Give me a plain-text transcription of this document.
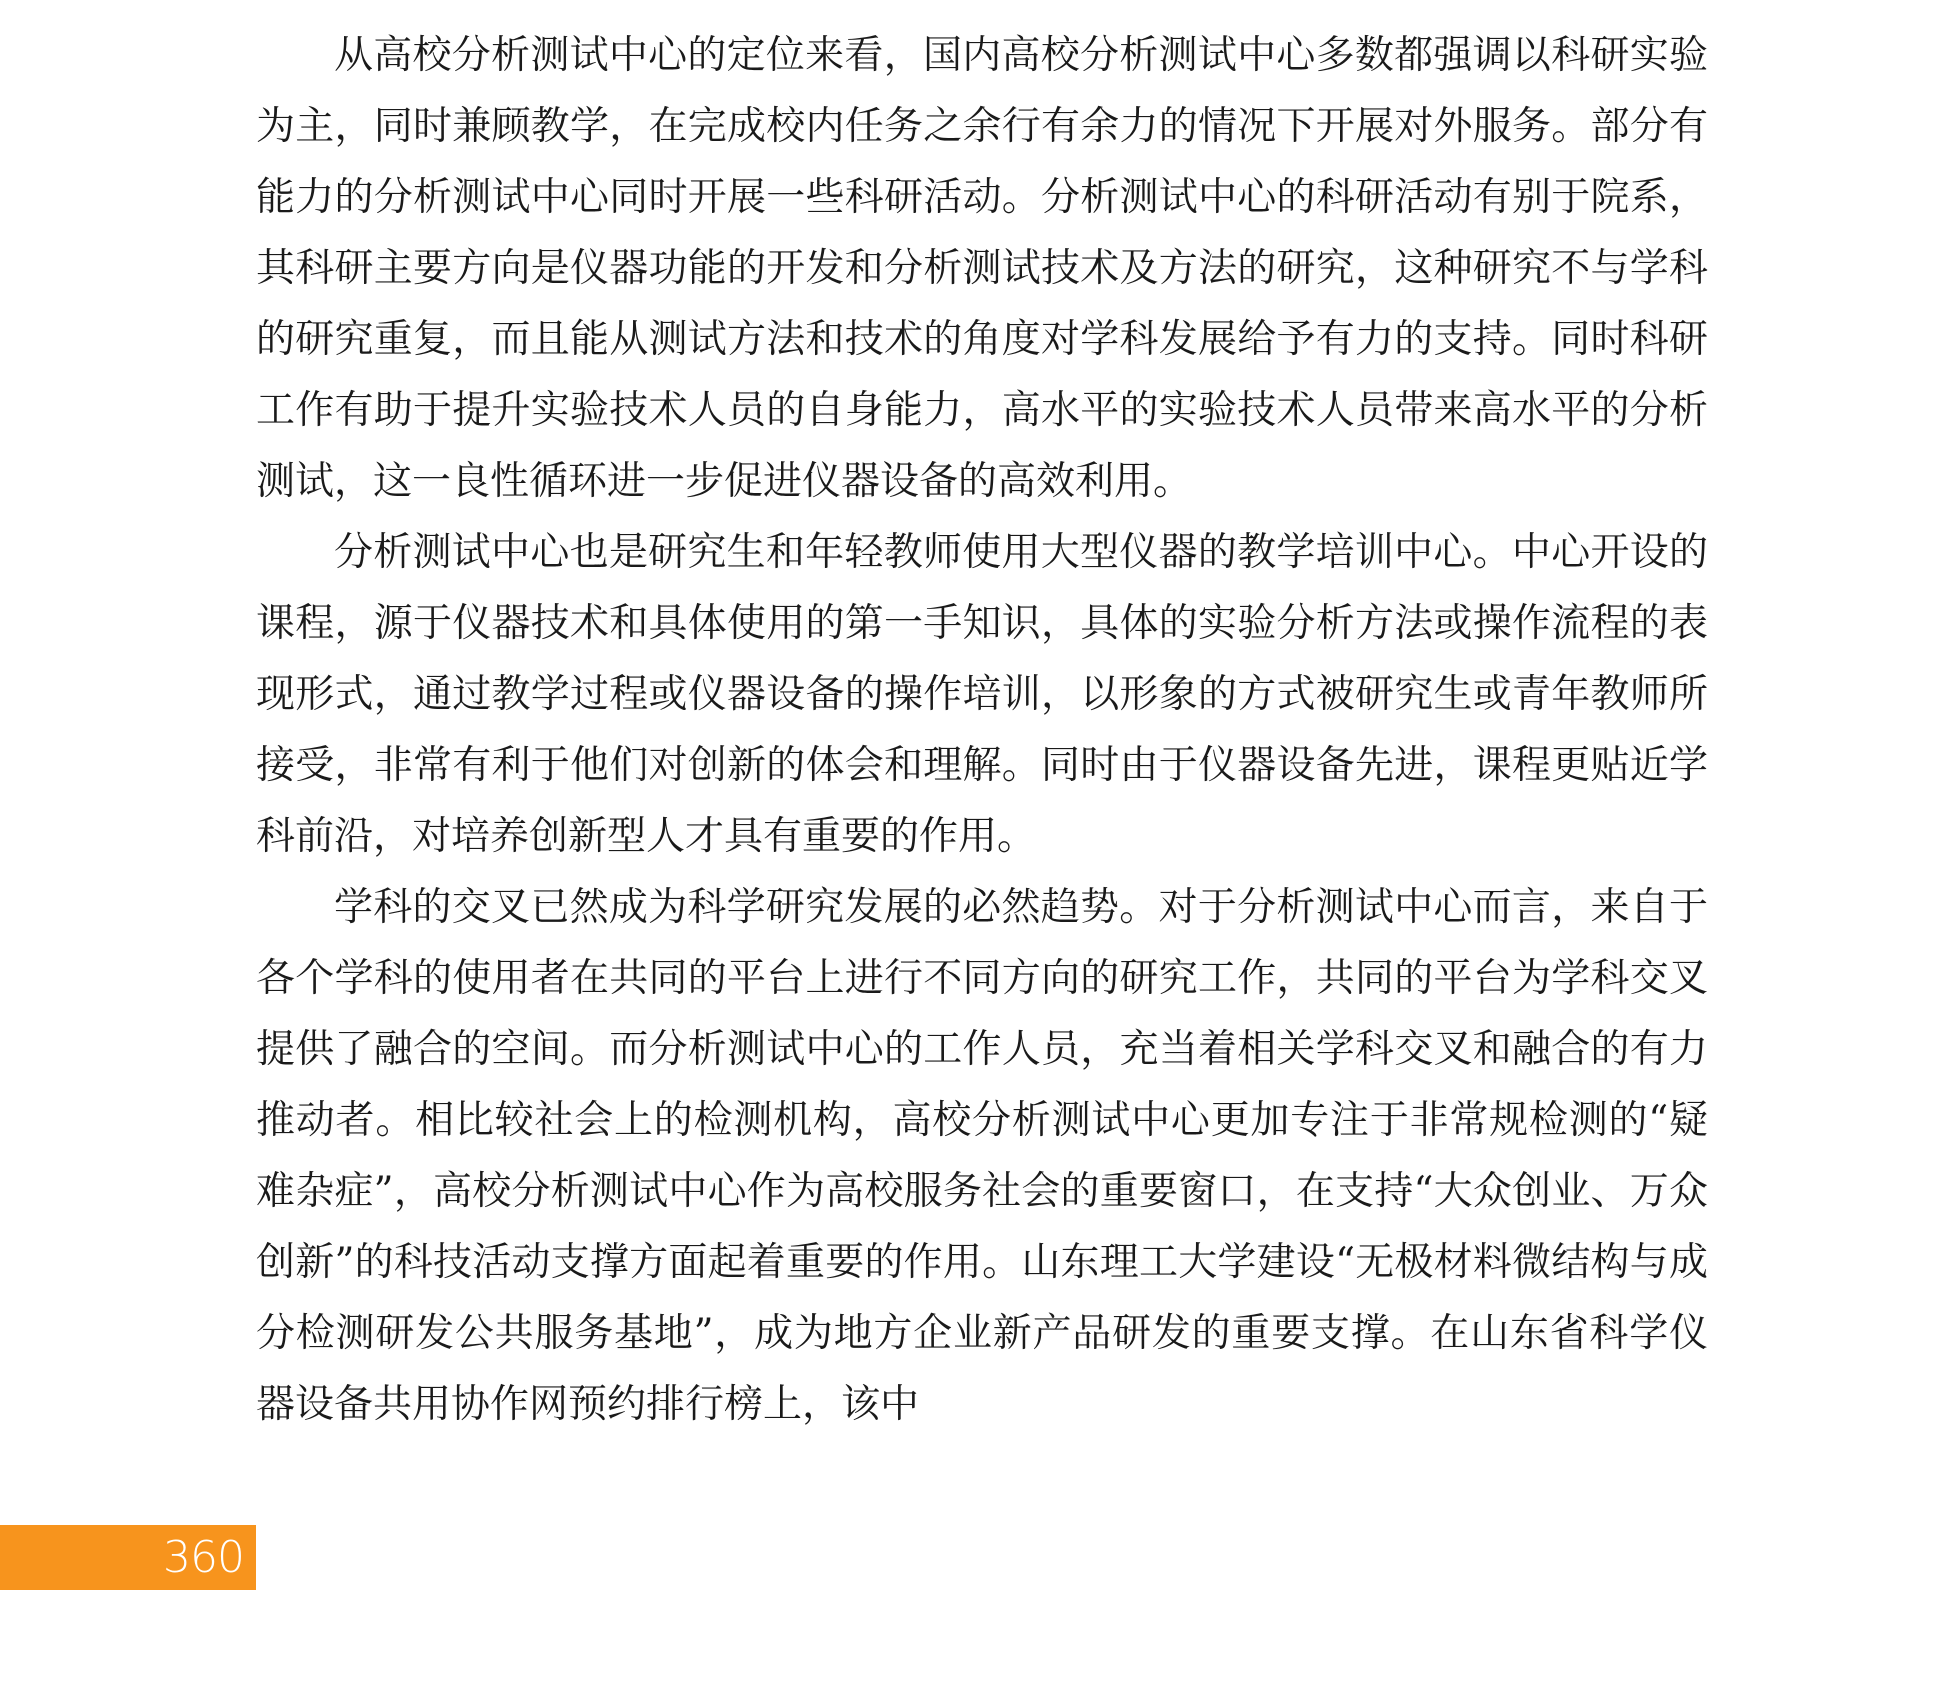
从高校分析测试中心的定位来看，国内高校分析测试中心多数都强调以科研实验为主，同时兼顾教学，在完成校内任务之余行有余力的情况下开展对外服务。部分有能力的分析测试中心同时开展一些科研活动。分析测试中心的科研活动有别于院系，其科研主要方向是仪器功能的开发和分析测试技术及方法的研究，这种研究不与学科的研究重复，而且能从测试方法和技术的角度对学科发展给予有力的支持。同时科研工作有助于提升实验技术人员的自身能力，高水平的实验技术人员带来高水平的分析测试，这一良性循环进一步促进仪器设备的高效利用。

分析测试中心也是研究生和年轻教师使用大型仪器的教学培训中心。中心开设的课程，源于仪器技术和具体使用的第一手知识，具体的实验分析方法或操作流程的表现形式，通过教学过程或仪器设备的操作培训，以形象的方式被研究生或青年教师所接受，非常有利于他们对创新的体会和理解。同时由于仪器设备先进，课程更贴近学科前沿，对培养创新型人才具有重要的作用。

学科的交叉已然成为科学研究发展的必然趋势。对于分析测试中心而言，来自于各个学科的使用者在共同的平台上进行不同方向的研究工作，共同的平台为学科交叉提供了融合的空间。而分析测试中心的工作人员，充当着相关学科交叉和融合的有力推动者。相比较社会上的检测机构，高校分析测试中心更加专注于非常规检测的“疑难杂症”，高校分析测试中心作为高校服务社会的重要窗口，在支持“大众创业、万众创新”的科技活动支撑方面起着重要的作用。山东理工大学建设“无极材料微结构与成分检测研发公共服务基地”，成为地方企业新产品研发的重要支撑。在山东省科学仪器设备共用协作网预约排行榜上，该中

360
